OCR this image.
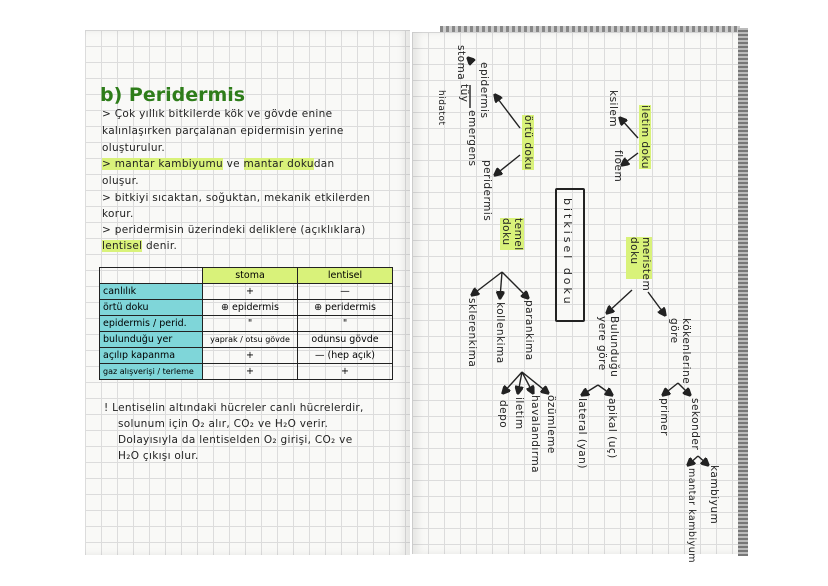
b) Peridermis
> Çok yıllık bitkilerde kök ve gövde enine
kalınlaşırken parçalanan epidermisin yerine
oluşturulur.
> mantar kambiyumu ve mantar dokudan
oluşur.
> bitkiyi sıcaktan, soğuktan, mekanik etkilerden
korur.
> peridermisin üzerindeki deliklere (açıklıklara)
lentisel denir.
	stoma	lentisel
canlılık	+	—
örtü doku	⊕ epidermis	⊕ peridermis
epidermis / perid.	"	"
bulunduğu yer	yaprak / otsu gövde	odunsu gövde
açılıp kapanma	+	— (hep açık)
gaz alışverişi / terleme	+	+
! Lentiselin altındaki hücreler canlı hücrelerdir,
solunum için O₂ alır, CO₂ ve H₂O verir.
Dolayısıyla da lentiselden O₂ girişi, CO₂ ve
H₂O çıkışı olur.
bitkisel doku
epidermis
stoma
tüy
hidatot
emergens	örtü doku
peridermis
iletim doku
ksilem
floem
temel doku
sklerenkima kollenkima parankima
depo iletim havalandırma özümleme
meristem doku
Bulunduğu yere göre
lateral (yan) apikal (uç)
kökenlerine göre
primer sekonder
kambiyum
mantar kambiyum
